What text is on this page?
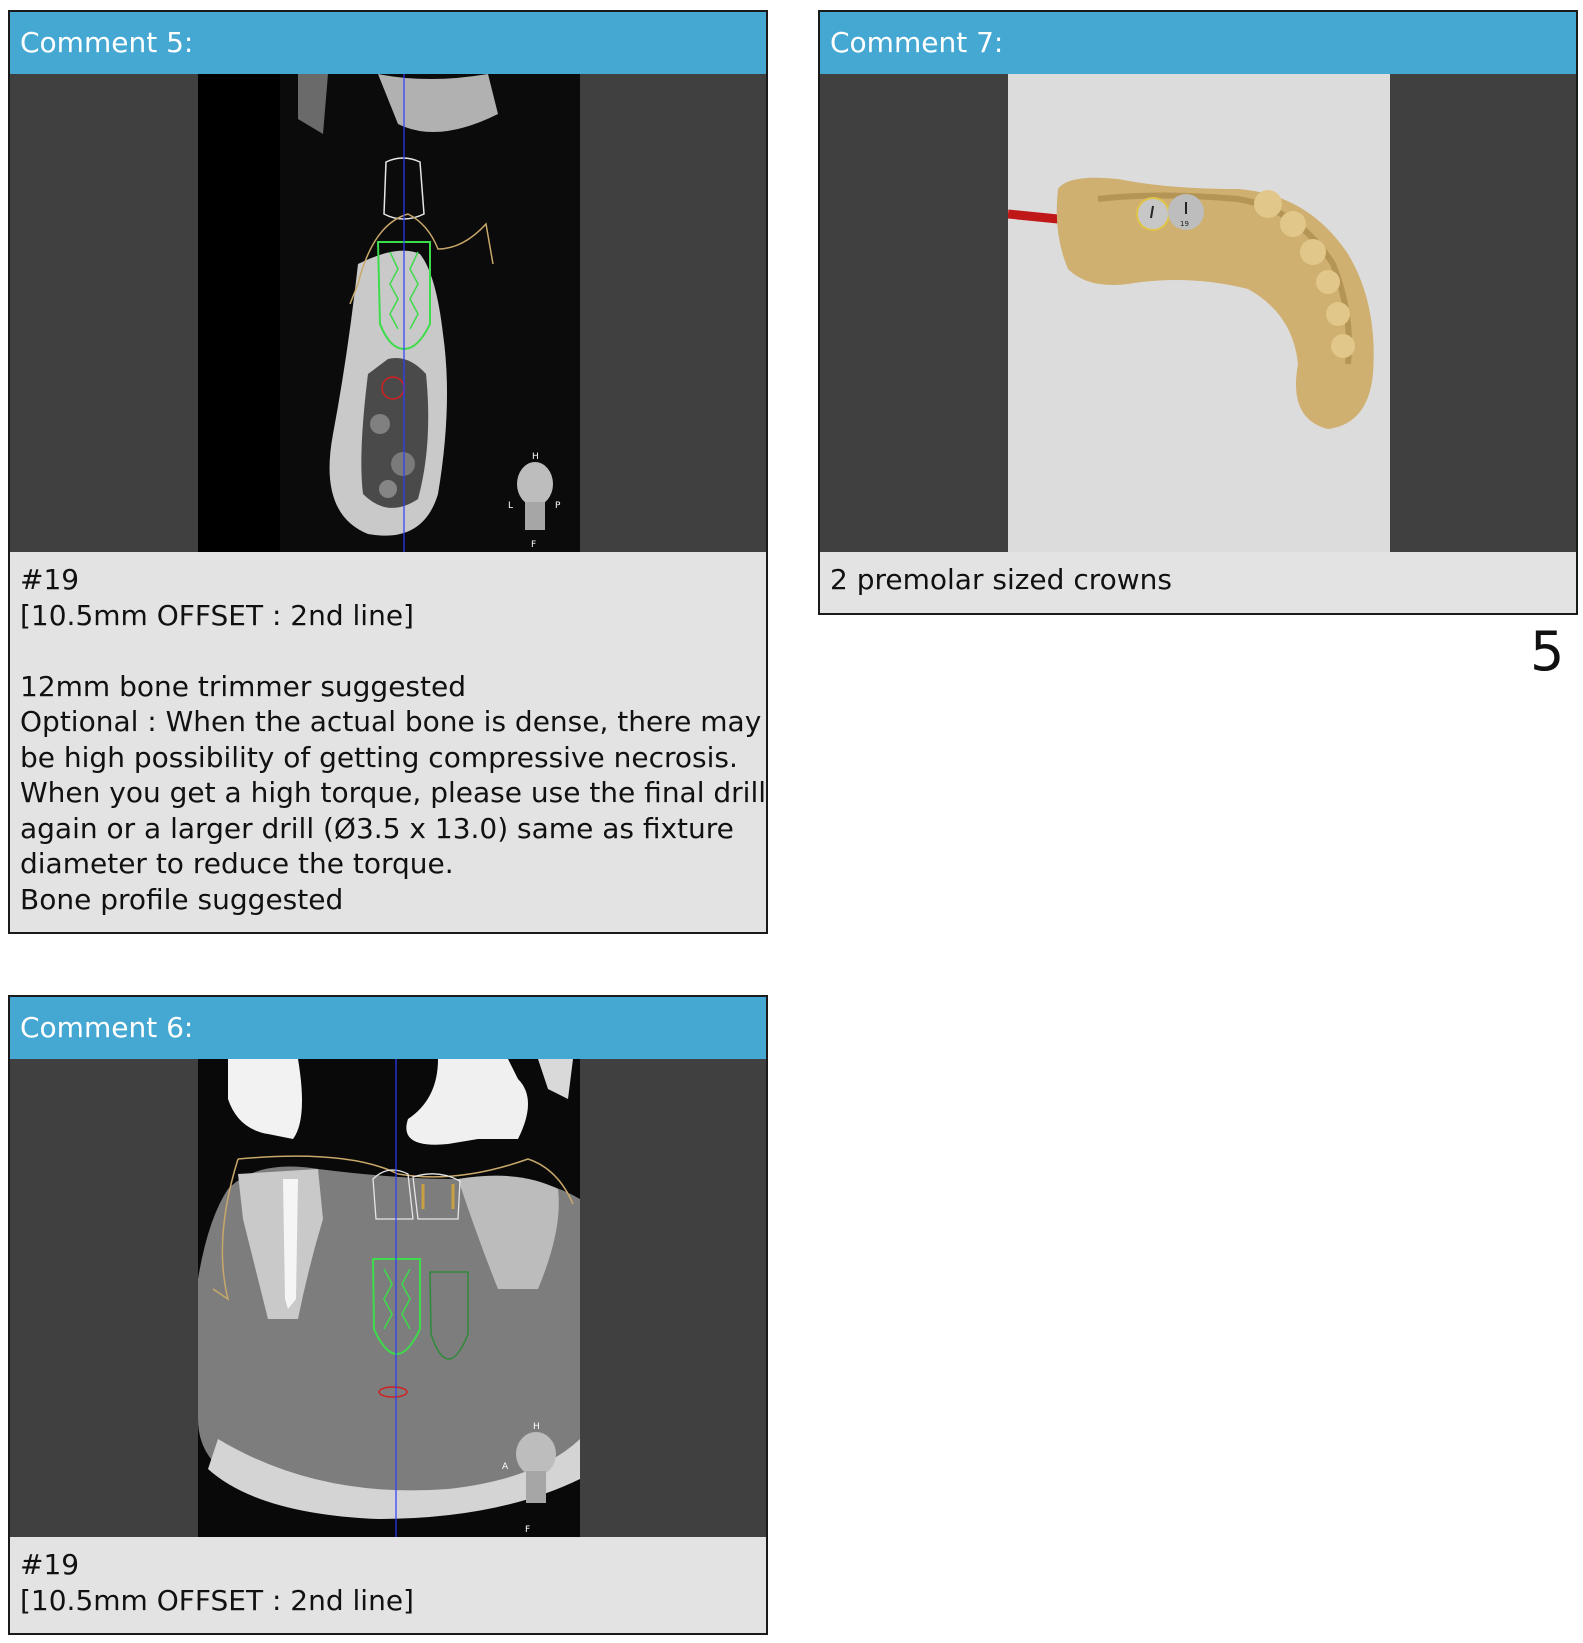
Comment 5:
H
L	P
F
#19
[10.5mm OFFSET : 2nd line]
12mm bone trimmer suggested
Optional : When the actual bone is dense, there may
be high possibility of getting compressive necrosis.
When you get a high torque, please use the final drill
again or a larger drill (Ø3.5 x 13.0) same as fixture
diameter to reduce the torque.
Bone profile suggested
Comment 7:
19
2 premolar sized crowns
5
Comment 6:
H
A
F
#19
[10.5mm OFFSET : 2nd line]
